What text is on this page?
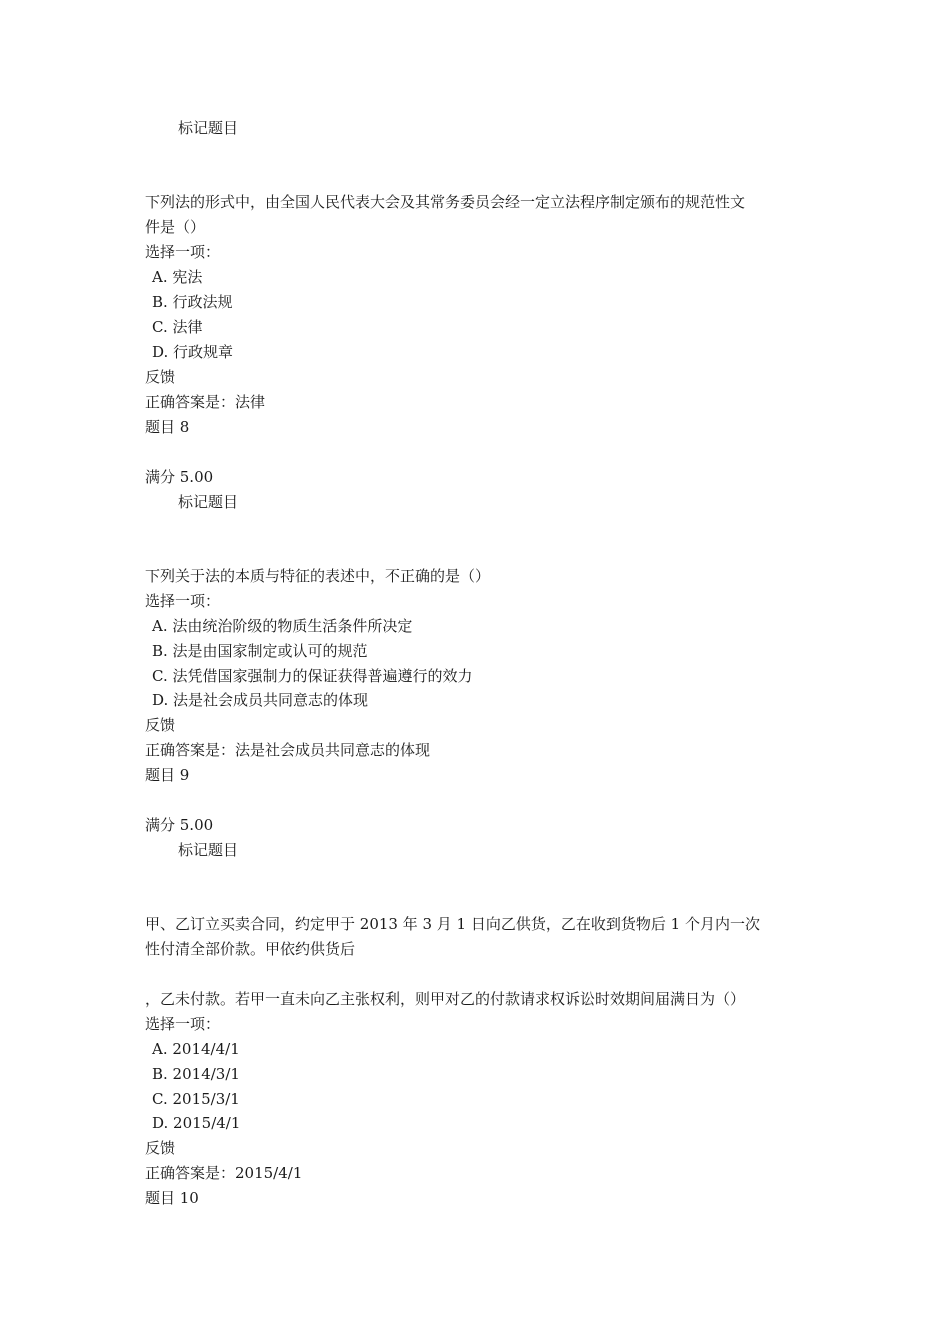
标记题目
下列法的形式中，由全国人民代表大会及其常务委员会经一定立法程序制定颁布的规范性文
件是（）
选择一项：
A. 宪法
B. 行政法规
C. 法律
D. 行政规章
反馈
正确答案是：法律
题目 8
满分 5.00
标记题目
下列关于法的本质与特征的表述中，不正确的是（）
选择一项：
A. 法由统治阶级的物质生活条件所决定
B. 法是由国家制定或认可的规范
C. 法凭借国家强制力的保证获得普遍遵行的效力
D. 法是社会成员共同意志的体现
反馈
正确答案是：法是社会成员共同意志的体现
题目 9
满分 5.00
标记题目
甲、乙订立买卖合同，约定甲于 2013 年 3 月 1 日向乙供货，乙在收到货物后 1 个月内一次
性付清全部价款。甲依约供货后
，乙未付款。若甲一直未向乙主张权利，则甲对乙的付款请求权诉讼时效期间届满日为（）
选择一项：
A. 2014/4/1
B. 2014/3/1
C. 2015/3/1
D. 2015/4/1
反馈
正确答案是：2015/4/1
题目 10
